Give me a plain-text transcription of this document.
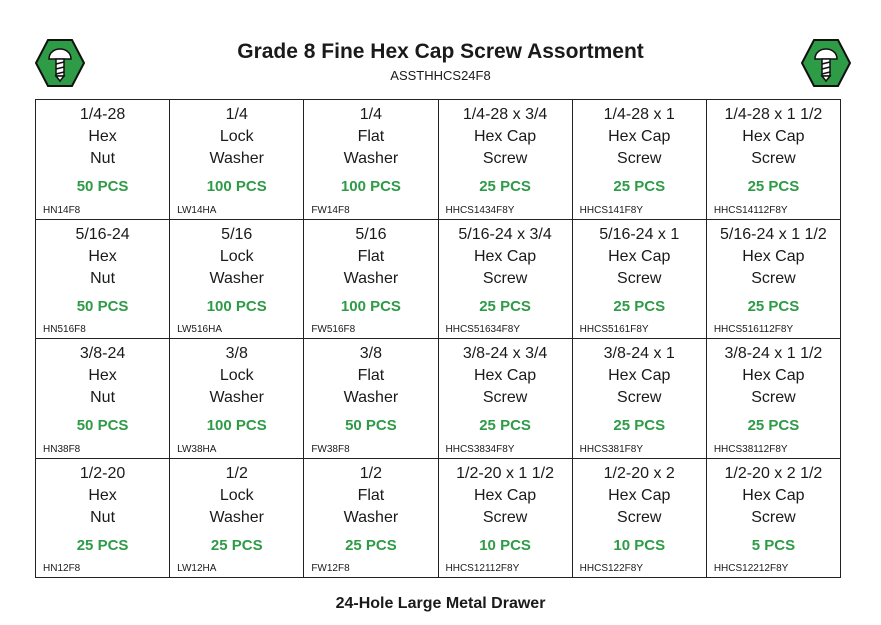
Grade 8 Fine Hex Cap Screw Assortment
ASSTHHCS24F8
1/4-28
Hex
Nut
50 PCS
HN14F8
1/4
Lock
Washer
100 PCS
LW14HA
1/4
Flat
Washer
100 PCS
FW14F8
1/4-28 x 3/4
Hex Cap
Screw
25 PCS
HHCS1434F8Y
1/4-28 x 1
Hex Cap
Screw
25 PCS
HHCS141F8Y
1/4-28 x 1 1/2
Hex Cap
Screw
25 PCS
HHCS14112F8Y
5/16-24
Hex
Nut
50 PCS
HN516F8
5/16
Lock
Washer
100 PCS
LW516HA
5/16
Flat
Washer
100 PCS
FW516F8
5/16-24 x 3/4
Hex Cap
Screw
25 PCS
HHCS51634F8Y
5/16-24 x 1
Hex Cap
Screw
25 PCS
HHCS5161F8Y
5/16-24 x 1 1/2
Hex Cap
Screw
25 PCS
HHCS516112F8Y
3/8-24
Hex
Nut
50 PCS
HN38F8
3/8
Lock
Washer
100 PCS
LW38HA
3/8
Flat
Washer
50 PCS
FW38F8
3/8-24 x 3/4
Hex Cap
Screw
25 PCS
HHCS3834F8Y
3/8-24 x 1
Hex Cap
Screw
25 PCS
HHCS381F8Y
3/8-24 x 1 1/2
Hex Cap
Screw
25 PCS
HHCS38112F8Y
1/2-20
Hex
Nut
25 PCS
HN12F8
1/2
Lock
Washer
25 PCS
LW12HA
1/2
Flat
Washer
25 PCS
FW12F8
1/2-20 x 1 1/2
Hex Cap
Screw
10 PCS
HHCS12112F8Y
1/2-20 x 2
Hex Cap
Screw
10 PCS
HHCS122F8Y
1/2-20 x 2 1/2
Hex Cap
Screw
5 PCS
HHCS12212F8Y
24-Hole Large Metal Drawer
